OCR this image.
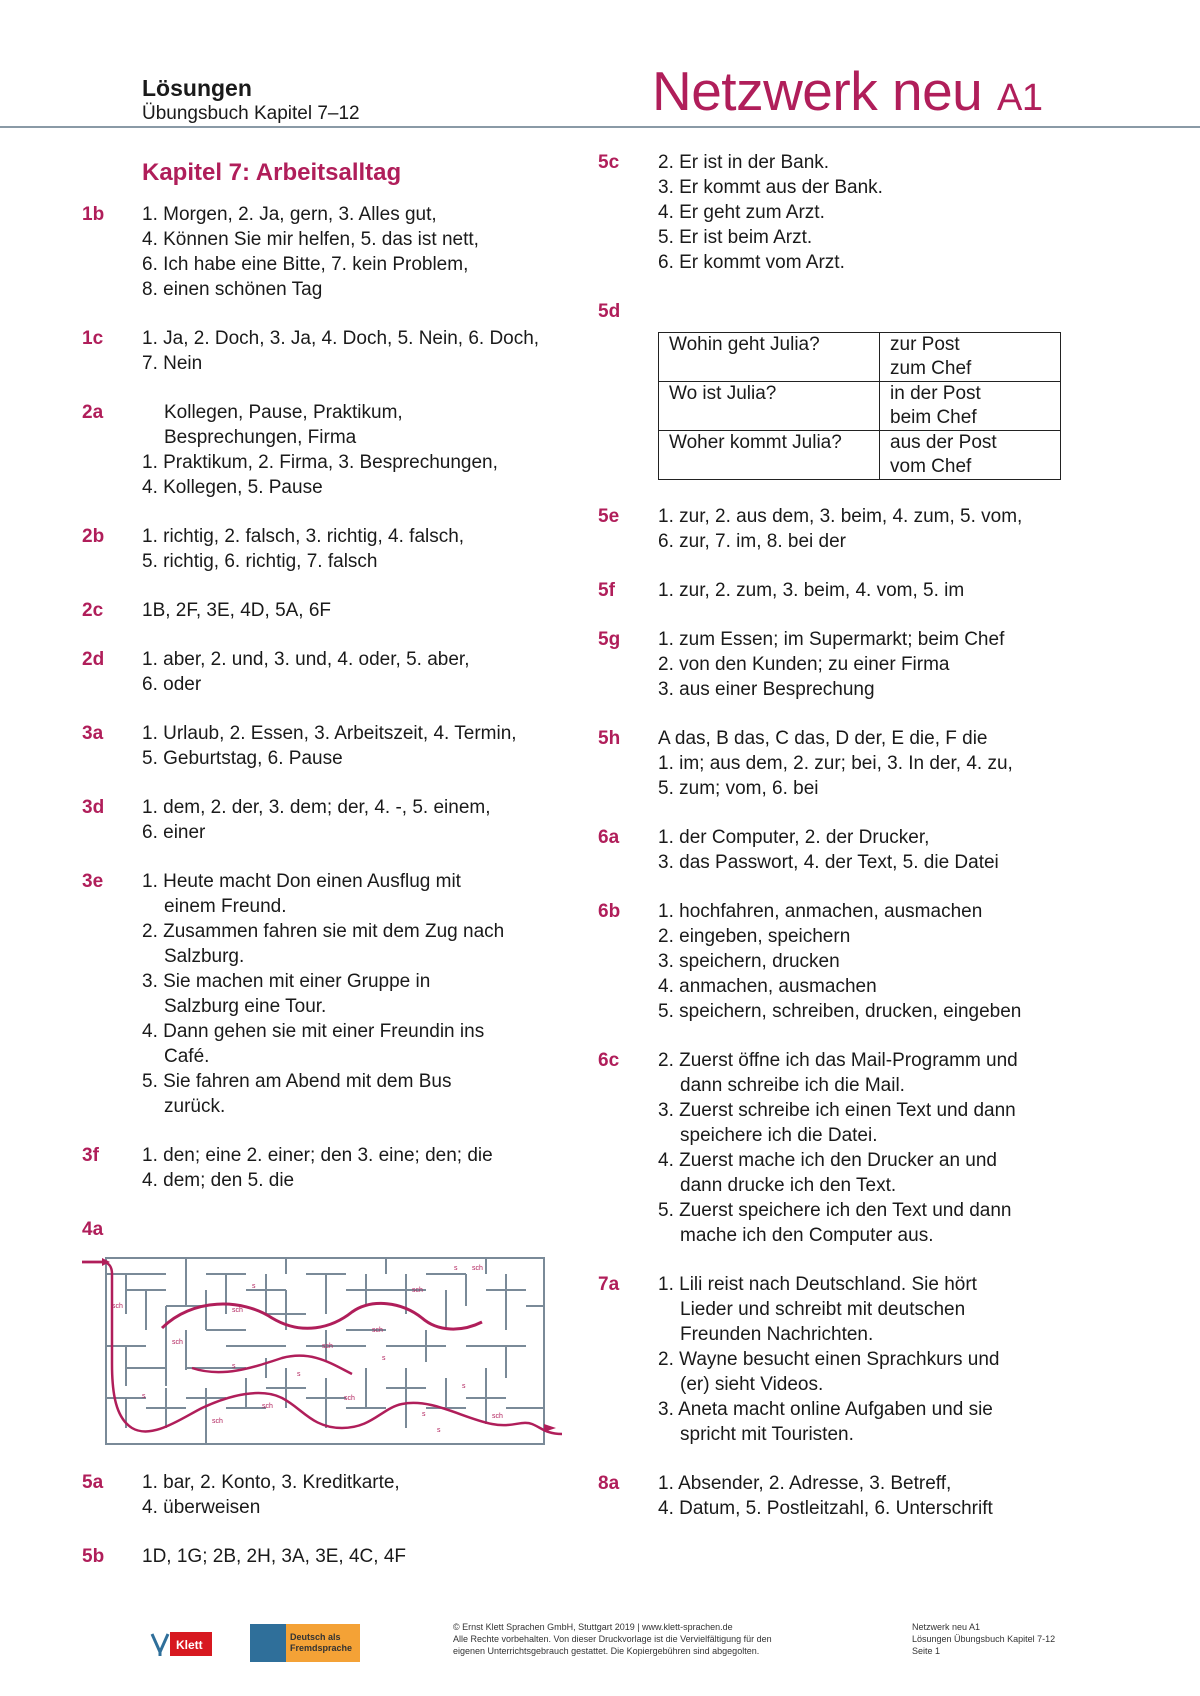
Lösungen
Übungsbuch Kapitel 7–12	Netzwerk neu A1
Kapitel 7: Arbeitsalltag
1b	1. Morgen, 2. Ja, gern, 3. Alles gut,
4. Können Sie mir helfen, 5. das ist nett,
6. Ich habe eine Bitte, 7. kein Problem,
8. einen schönen Tag
1c	1. Ja, 2. Doch, 3. Ja, 4. Doch, 5. Nein, 6. Doch,
7. Nein
2a	Kollegen, Pause, Praktikum,
Besprechungen, Firma
1. Praktikum, 2. Firma, 3. Besprechungen,
4. Kollegen, 5. Pause
2b	1. richtig, 2. falsch, 3. richtig, 4. falsch,
5. richtig, 6. richtig, 7. falsch
2c	1B, 2F, 3E, 4D, 5A, 6F
2d	1. aber, 2. und, 3. und, 4. oder, 5. aber,
6. oder
3a	1. Urlaub, 2. Essen, 3. Arbeitszeit, 4. Termin,
5. Geburtstag, 6. Pause
3d	1. dem, 2. der, 3. dem; der, 4. -, 5. einem,
6. einer
3e	1. Heute macht Don einen Ausflug mit
einem Freund.
2. Zusammen fahren sie mit dem Zug nach
Salzburg.
3. Sie machen mit einer Gruppe in
Salzburg eine Tour.
4. Dann gehen sie mit einer Freundin ins
Café.
5. Sie fahren am Abend mit dem Bus
zurück.
3f	1. den; eine 2. einer; den 3. eine; den; die
4. dem; den 5. die
4a
sch
s
sch
sch
sch
sch
sch
sch
s
s
s
sch
s
s
s
s
sch
sch
s
sch
5a	1. bar, 2. Konto, 3. Kreditkarte,
4. überweisen
5b	1D, 1G; 2B, 2H, 3A, 3E, 4C, 4F
5c	2. Er ist in der Bank.
3. Er kommt aus der Bank.
4. Er geht zum Arzt.
5. Er ist beim Arzt.
6. Er kommt vom Arzt.
5d
Wohin geht Julia?	zur Post
zum Chef

Wo ist Julia?	in der Post
beim Chef

Woher kommt Julia?	aus der Post
vom Chef
5e	1. zur, 2. aus dem, 3. beim, 4. zum, 5. vom,
6. zur, 7. im, 8. bei der
5f	1. zur, 2. zum, 3. beim, 4. vom, 5. im
5g	1. zum Essen; im Supermarkt; beim Chef
2. von den Kunden; zu einer Firma
3. aus einer Besprechung
5h	A das, B das, C das, D der, E die, F die
1. im; aus dem, 2. zur; bei, 3. In der, 4. zu,
5. zum; vom, 6. bei
6a	1. der Computer, 2. der Drucker,
3. das Passwort, 4. der Text, 5. die Datei
6b	1. hochfahren, anmachen, ausmachen
2. eingeben, speichern
3. speichern, drucken
4. anmachen, ausmachen
5. speichern, schreiben, drucken, eingeben
6c	2. Zuerst öffne ich das Mail-Programm und
dann schreibe ich die Mail.
3. Zuerst schreibe ich einen Text und dann
speichere ich die Datei.
4. Zuerst mache ich den Drucker an und
dann drucke ich den Text.
5. Zuerst speichere ich den Text und dann
mache ich den Computer aus.
7a	1. Lili reist nach Deutschland. Sie hört
Lieder und schreibt mit deutschen
Freunden Nachrichten.
2. Wayne besucht einen Sprachkurs und
(er) sieht Videos.
3. Aneta macht online Aufgaben und sie
spricht mit Touristen.
8a	1. Absender, 2. Adresse, 3. Betreff,
4. Datum, 5. Postleitzahl, 6. Unterschrift
Klett
Deutsch als
Fremdsprache
© Ernst Klett Sprachen GmbH, Stuttgart 2019 | www.klett-sprachen.de
Alle Rechte vorbehalten. Von dieser Druckvorlage ist die Vervielfältigung für den
eigenen Unterrichtsgebrauch gestattet. Die Kopiergebühren sind abgegolten.
Netzwerk neu A1
Lösungen Übungsbuch Kapitel 7-12
Seite 1
